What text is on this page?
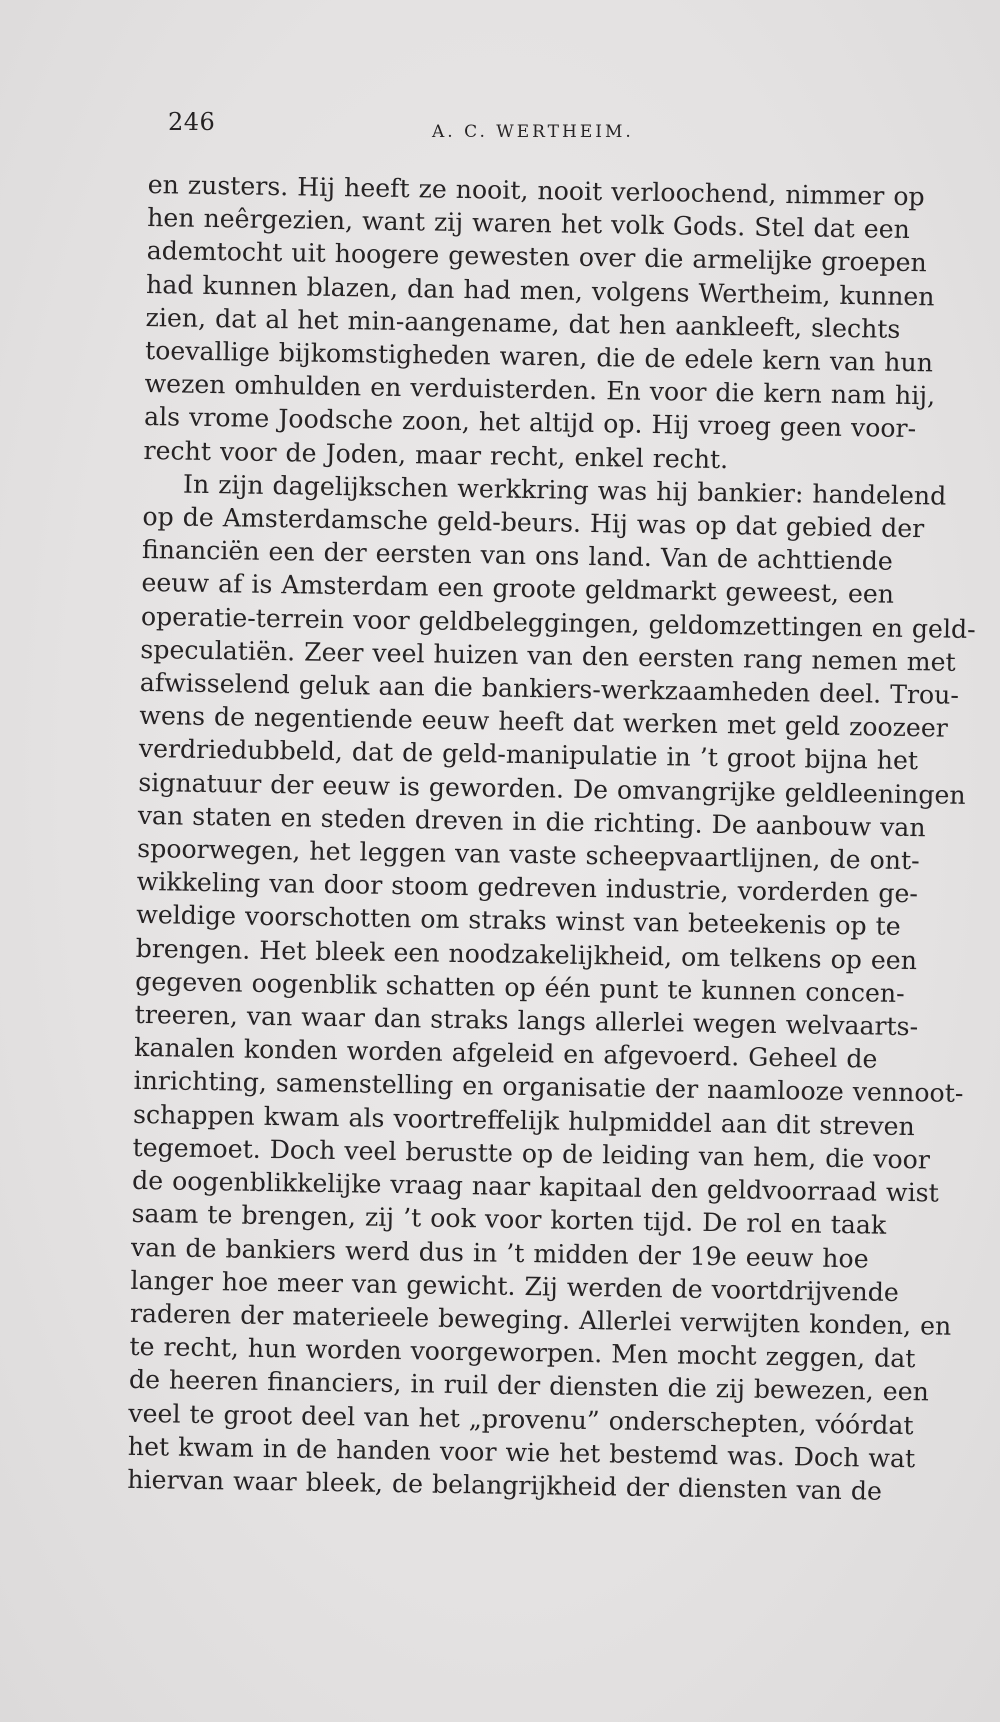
246	A. C. WERTHEIM.
en zusters. Hij heeft ze nooit, nooit verloochend, nimmer op
hen neêrgezien, want zij waren het volk Gods. Stel dat een
ademtocht uit hoogere gewesten over die armelijke groepen
had kunnen blazen, dan had men, volgens Wertheim, kunnen
zien, dat al het min-aangename, dat hen aankleeft, slechts
toevallige bijkomstigheden waren, die de edele kern van hun
wezen omhulden en verduisterden. En voor die kern nam hij,
als vrome Joodsche zoon, het altijd op. Hij vroeg geen voor-
recht voor de Joden, maar recht, enkel recht.
In zijn dagelijkschen werkkring was hij bankier: handelend
op de Amsterdamsche geld-beurs. Hij was op dat gebied der
financiën een der eersten van ons land. Van de achttiende
eeuw af is Amsterdam een groote geldmarkt geweest, een
operatie-terrein voor geldbeleggingen, geldomzettingen en geld-
speculatiën. Zeer veel huizen van den eersten rang nemen met
afwisselend geluk aan die bankiers-werkzaamheden deel. Trou-
wens de negentiende eeuw heeft dat werken met geld zoozeer
verdriedubbeld, dat de geld-manipulatie in ’t groot bijna het
signatuur der eeuw is geworden. De omvangrijke geldleeningen
van staten en steden dreven in die richting. De aanbouw van
spoorwegen, het leggen van vaste scheepvaartlijnen, de ont-
wikkeling van door stoom gedreven industrie, vorderden ge-
weldige voorschotten om straks winst van beteekenis op te
brengen. Het bleek een noodzakelijkheid, om telkens op een
gegeven oogenblik schatten op één punt te kunnen concen-
treeren, van waar dan straks langs allerlei wegen welvaarts-
kanalen konden worden afgeleid en afgevoerd. Geheel de
inrichting, samenstelling en organisatie der naamlooze vennoot-
schappen kwam als voortreffelijk hulpmiddel aan dit streven
tegemoet. Doch veel berustte op de leiding van hem, die voor
de oogenblikkelijke vraag naar kapitaal den geldvoorraad wist
saam te brengen, zij ’t ook voor korten tijd. De rol en taak
van de bankiers werd dus in ’t midden der 19e eeuw hoe
langer hoe meer van gewicht. Zij werden de voortdrijvende
raderen der materieele beweging. Allerlei verwijten konden, en
te recht, hun worden voorgeworpen. Men mocht zeggen, dat
de heeren financiers, in ruil der diensten die zij bewezen, een
veel te groot deel van het „provenu” onderschepten, vóórdat
het kwam in de handen voor wie het bestemd was. Doch wat
hiervan waar bleek, de belangrijkheid der diensten van de
